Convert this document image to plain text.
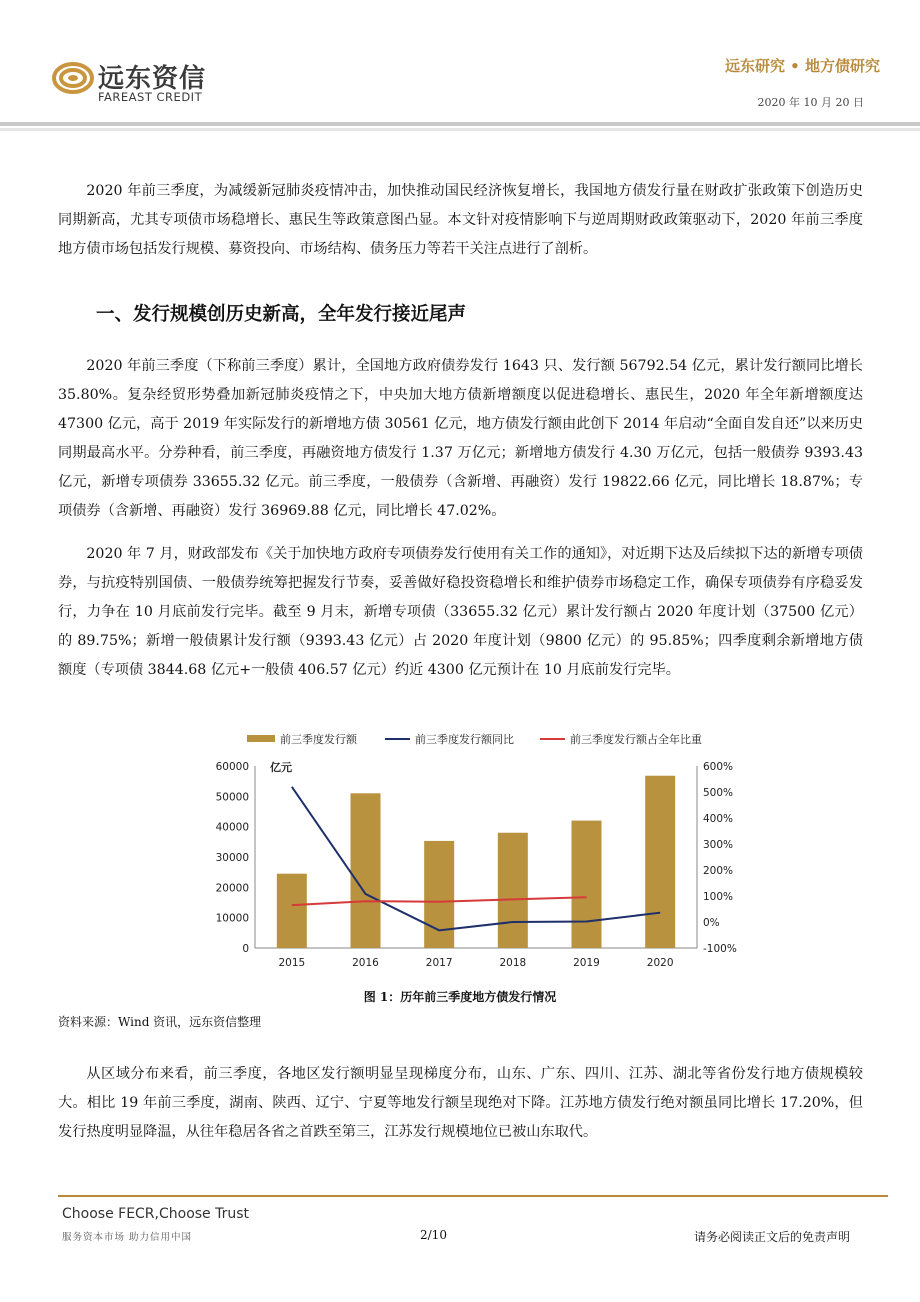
远东资信
FAREAST CREDIT
远东研究 • 地方债研究
2020 年 10 月 20 日
2020 年前三季度，为减缓新冠肺炎疫情冲击，加快推动国民经济恢复增长，我国地方债发行量在财政扩张政策下创造历史同期新高，尤其专项债市场稳增长、惠民生等政策意图凸显。本文针对疫情影响下与逆周期财政政策驱动下，2020 年前三季度地方债市场包括发行规模、募资投向、市场结构、债务压力等若干关注点进行了剖析。
一、发行规模创历史新高，全年发行接近尾声
2020 年前三季度（下称前三季度）累计，全国地方政府债券发行 1643 只、发行额 56792.54 亿元，累计发行额同比增长 35.80%。复杂经贸形势叠加新冠肺炎疫情之下，中央加大地方债新增额度以促进稳增长、惠民生，2020 年全年新增额度达 47300 亿元，高于 2019 年实际发行的新增地方债 30561 亿元，地方债发行额由此创下 2014 年启动“全面自发自还”以来历史同期最高水平。分券种看，前三季度，再融资地方债发行 1.37 万亿元；新增地方债发行 4.30 万亿元，包括一般债券 9393.43 亿元，新增专项债券 33655.32 亿元。前三季度，一般债券（含新增、再融资）发行 19822.66 亿元，同比增长 18.87%；专项债券（含新增、再融资）发行 36969.88 亿元，同比增长 47.02%。
2020 年 7 月，财政部发布《关于加快地方政府专项债券发行使用有关工作的通知》，对近期下达及后续拟下达的新增专项债券，与抗疫特别国债、一般债券统筹把握发行节奏，妥善做好稳投资稳增长和维护债券市场稳定工作，确保专项债券有序稳妥发行，力争在 10 月底前发行完毕。截至 9 月末，新增专项债（33655.32 亿元）累计发行额占 2020 年度计划（37500 亿元）的 89.75%；新增一般债累计发行额（9393.43 亿元）占 2020 年度计划（9800 亿元）的 95.85%；四季度剩余新增地方债额度（专项债 3844.68 亿元+一般债 406.57 亿元）约近 4300 亿元预计在 10 月底前发行完毕。
前三季度发行额	前三季度发行额同比	前三季度发行额占全年比重
亿元
0
10000
20000
30000
40000
50000
60000
-100%
0%
100%
200%
300%
400%
500%
600%
2015	2016	2017	2018	2019	2020
图 1：历年前三季度地方债发行情况
资料来源：Wind 资讯，远东资信整理
从区域分布来看，前三季度，各地区发行额明显呈现梯度分布，山东、广东、四川、江苏、湖北等省份发行地方债规模较大。相比 19 年前三季度，湖南、陕西、辽宁、宁夏等地发行额呈现绝对下降。江苏地方债发行绝对额虽同比增长 17.20%，但发行热度明显降温，从往年稳居各省之首跌至第三，江苏发行规模地位已被山东取代。
Choose FECR,Choose Trust
服务资本市场 助力信用中国	2/10	请务必阅读正文后的免责声明
